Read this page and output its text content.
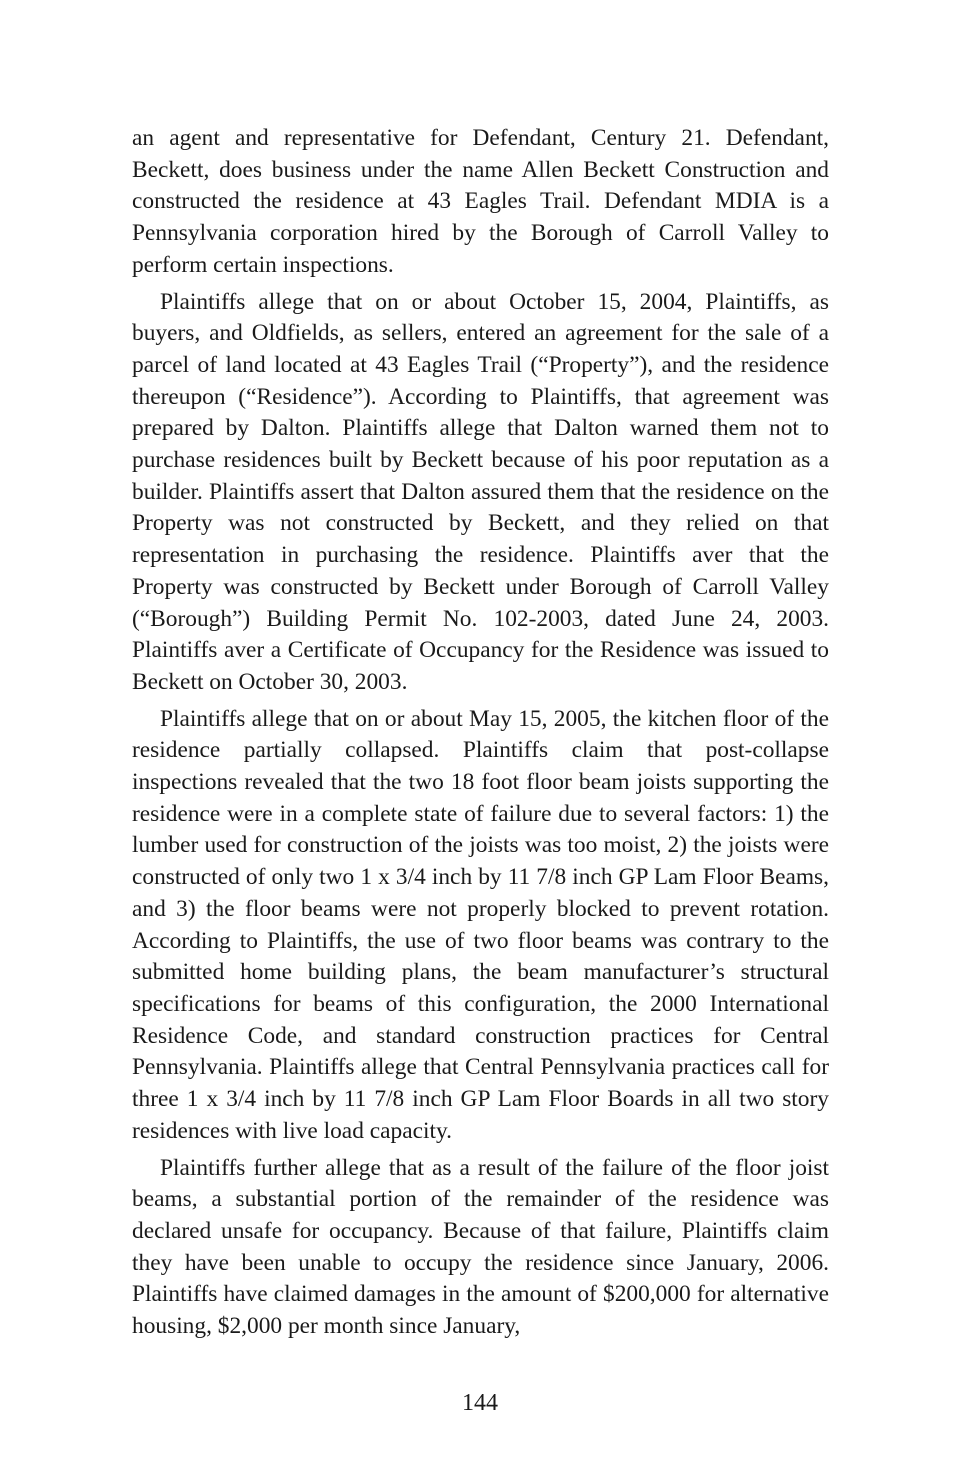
an agent and representative for Defendant, Century 21. Defendant, Beckett, does business under the name Allen Beckett Construction and constructed the residence at 43 Eagles Trail. Defendant MDIA is a Pennsylvania corporation hired by the Borough of Carroll Valley to perform certain inspections.

Plaintiffs allege that on or about October 15, 2004, Plaintiffs, as buyers, and Oldfields, as sellers, entered an agreement for the sale of a parcel of land located at 43 Eagles Trail (“Property”), and the residence thereupon (“Residence”). According to Plaintiffs, that agreement was prepared by Dalton. Plaintiffs allege that Dalton warned them not to purchase residences built by Beckett because of his poor reputation as a builder. Plaintiffs assert that Dalton assured them that the residence on the Property was not constructed by Beckett, and they relied on that representation in purchasing the residence. Plaintiffs aver that the Property was constructed by Beckett under Borough of Carroll Valley (“Borough”) Building Permit No. 102-2003, dated June 24, 2003. Plaintiffs aver a Certificate of Occupancy for the Residence was issued to Beckett on October 30, 2003.

Plaintiffs allege that on or about May 15, 2005, the kitchen floor of the residence partially collapsed. Plaintiffs claim that post-collapse inspections revealed that the two 18 foot floor beam joists supporting the residence were in a complete state of failure due to several factors: 1) the lumber used for construction of the joists was too moist, 2) the joists were constructed of only two 1 x 3/4 inch by 11 7/8 inch GP Lam Floor Beams, and 3) the floor beams were not properly blocked to prevent rotation. According to Plaintiffs, the use of two floor beams was contrary to the submitted home building plans, the beam manufacturer’s structural specifications for beams of this configuration, the 2000 International Residence Code, and standard construction practices for Central Pennsylvania. Plaintiffs allege that Central Pennsylvania practices call for three 1 x 3/4 inch by 11 7/8 inch GP Lam Floor Boards in all two story residences with live load capacity.

Plaintiffs further allege that as a result of the failure of the floor joist beams, a substantial portion of the remainder of the residence was declared unsafe for occupancy. Because of that failure, Plaintiffs claim they have been unable to occupy the residence since January, 2006. Plaintiffs have claimed damages in the amount of $200,000 for alternative housing, $2,000 per month since January,

144
